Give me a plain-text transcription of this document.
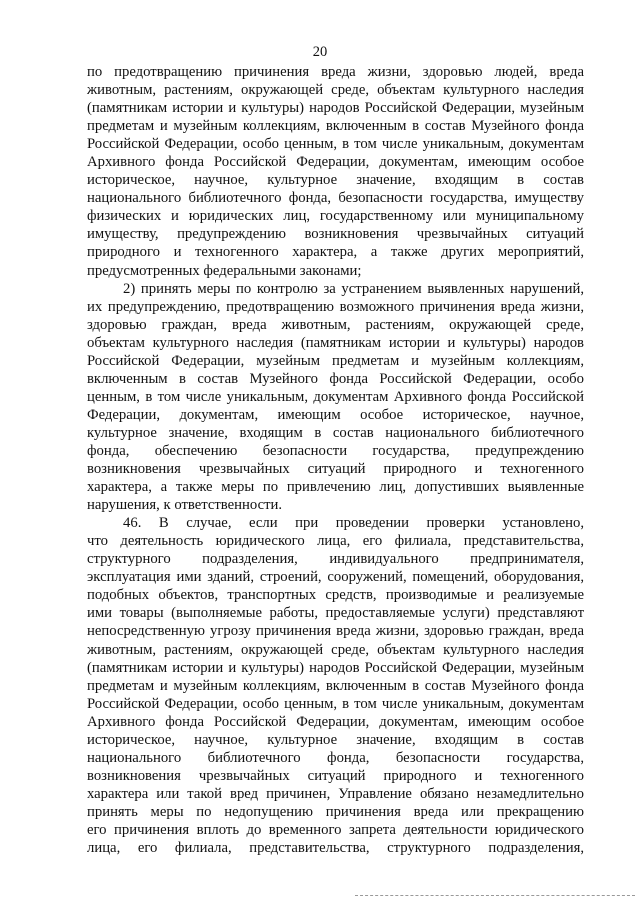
20
по предотвращению причинения вреда жизни, здоровью людей, вреда
животным, растениям, окружающей среде, объектам культурного наследия
(памятникам истории и культуры) народов Российской Федерации, музейным
предметам и музейным коллекциям, включенным в состав Музейного фонда
Российской Федерации, особо ценным, в том числе уникальным, документам
Архивного фонда Российской Федерации, документам, имеющим особое
историческое, научное, культурное значение, входящим в состав
национального библиотечного фонда, безопасности государства, имуществу
физических и юридических лиц, государственному или муниципальному
имуществу, предупреждению возникновения чрезвычайных ситуаций
природного и техногенного характера, а также других мероприятий,
предусмотренных федеральными законами;
2) принять меры по контролю за устранением выявленных нарушений,
их предупреждению, предотвращению возможного причинения вреда жизни,
здоровью граждан, вреда животным, растениям, окружающей среде,
объектам культурного наследия (памятникам истории и культуры) народов
Российской Федерации, музейным предметам и музейным коллекциям,
включенным в состав Музейного фонда Российской Федерации, особо
ценным, в том числе уникальным, документам Архивного фонда Российской
Федерации, документам, имеющим особое историческое, научное,
культурное значение, входящим в состав национального библиотечного
фонда, обеспечению безопасности государства, предупреждению
возникновения чрезвычайных ситуаций природного и техногенного
характера, а также меры по привлечению лиц, допустивших выявленные
нарушения, к ответственности.
46. В случае, если при проведении проверки установлено,
что деятельность юридического лица, его филиала, представительства,
структурного подразделения, индивидуального предпринимателя,
эксплуатация ими зданий, строений, сооружений, помещений, оборудования,
подобных объектов, транспортных средств, производимые и реализуемые
ими товары (выполняемые работы, предоставляемые услуги) представляют
непосредственную угрозу причинения вреда жизни, здоровью граждан, вреда
животным, растениям, окружающей среде, объектам культурного наследия
(памятникам истории и культуры) народов Российской Федерации, музейным
предметам и музейным коллекциям, включенным в состав Музейного фонда
Российской Федерации, особо ценным, в том числе уникальным, документам
Архивного фонда Российской Федерации, документам, имеющим особое
историческое, научное, культурное значение, входящим в состав
национального библиотечного фонда, безопасности государства,
возникновения чрезвычайных ситуаций природного и техногенного
характера или такой вред причинен, Управление обязано незамедлительно
принять меры по недопущению причинения вреда или прекращению
его причинения вплоть до временного запрета деятельности юридического
лица, его филиала, представительства, структурного подразделения,
